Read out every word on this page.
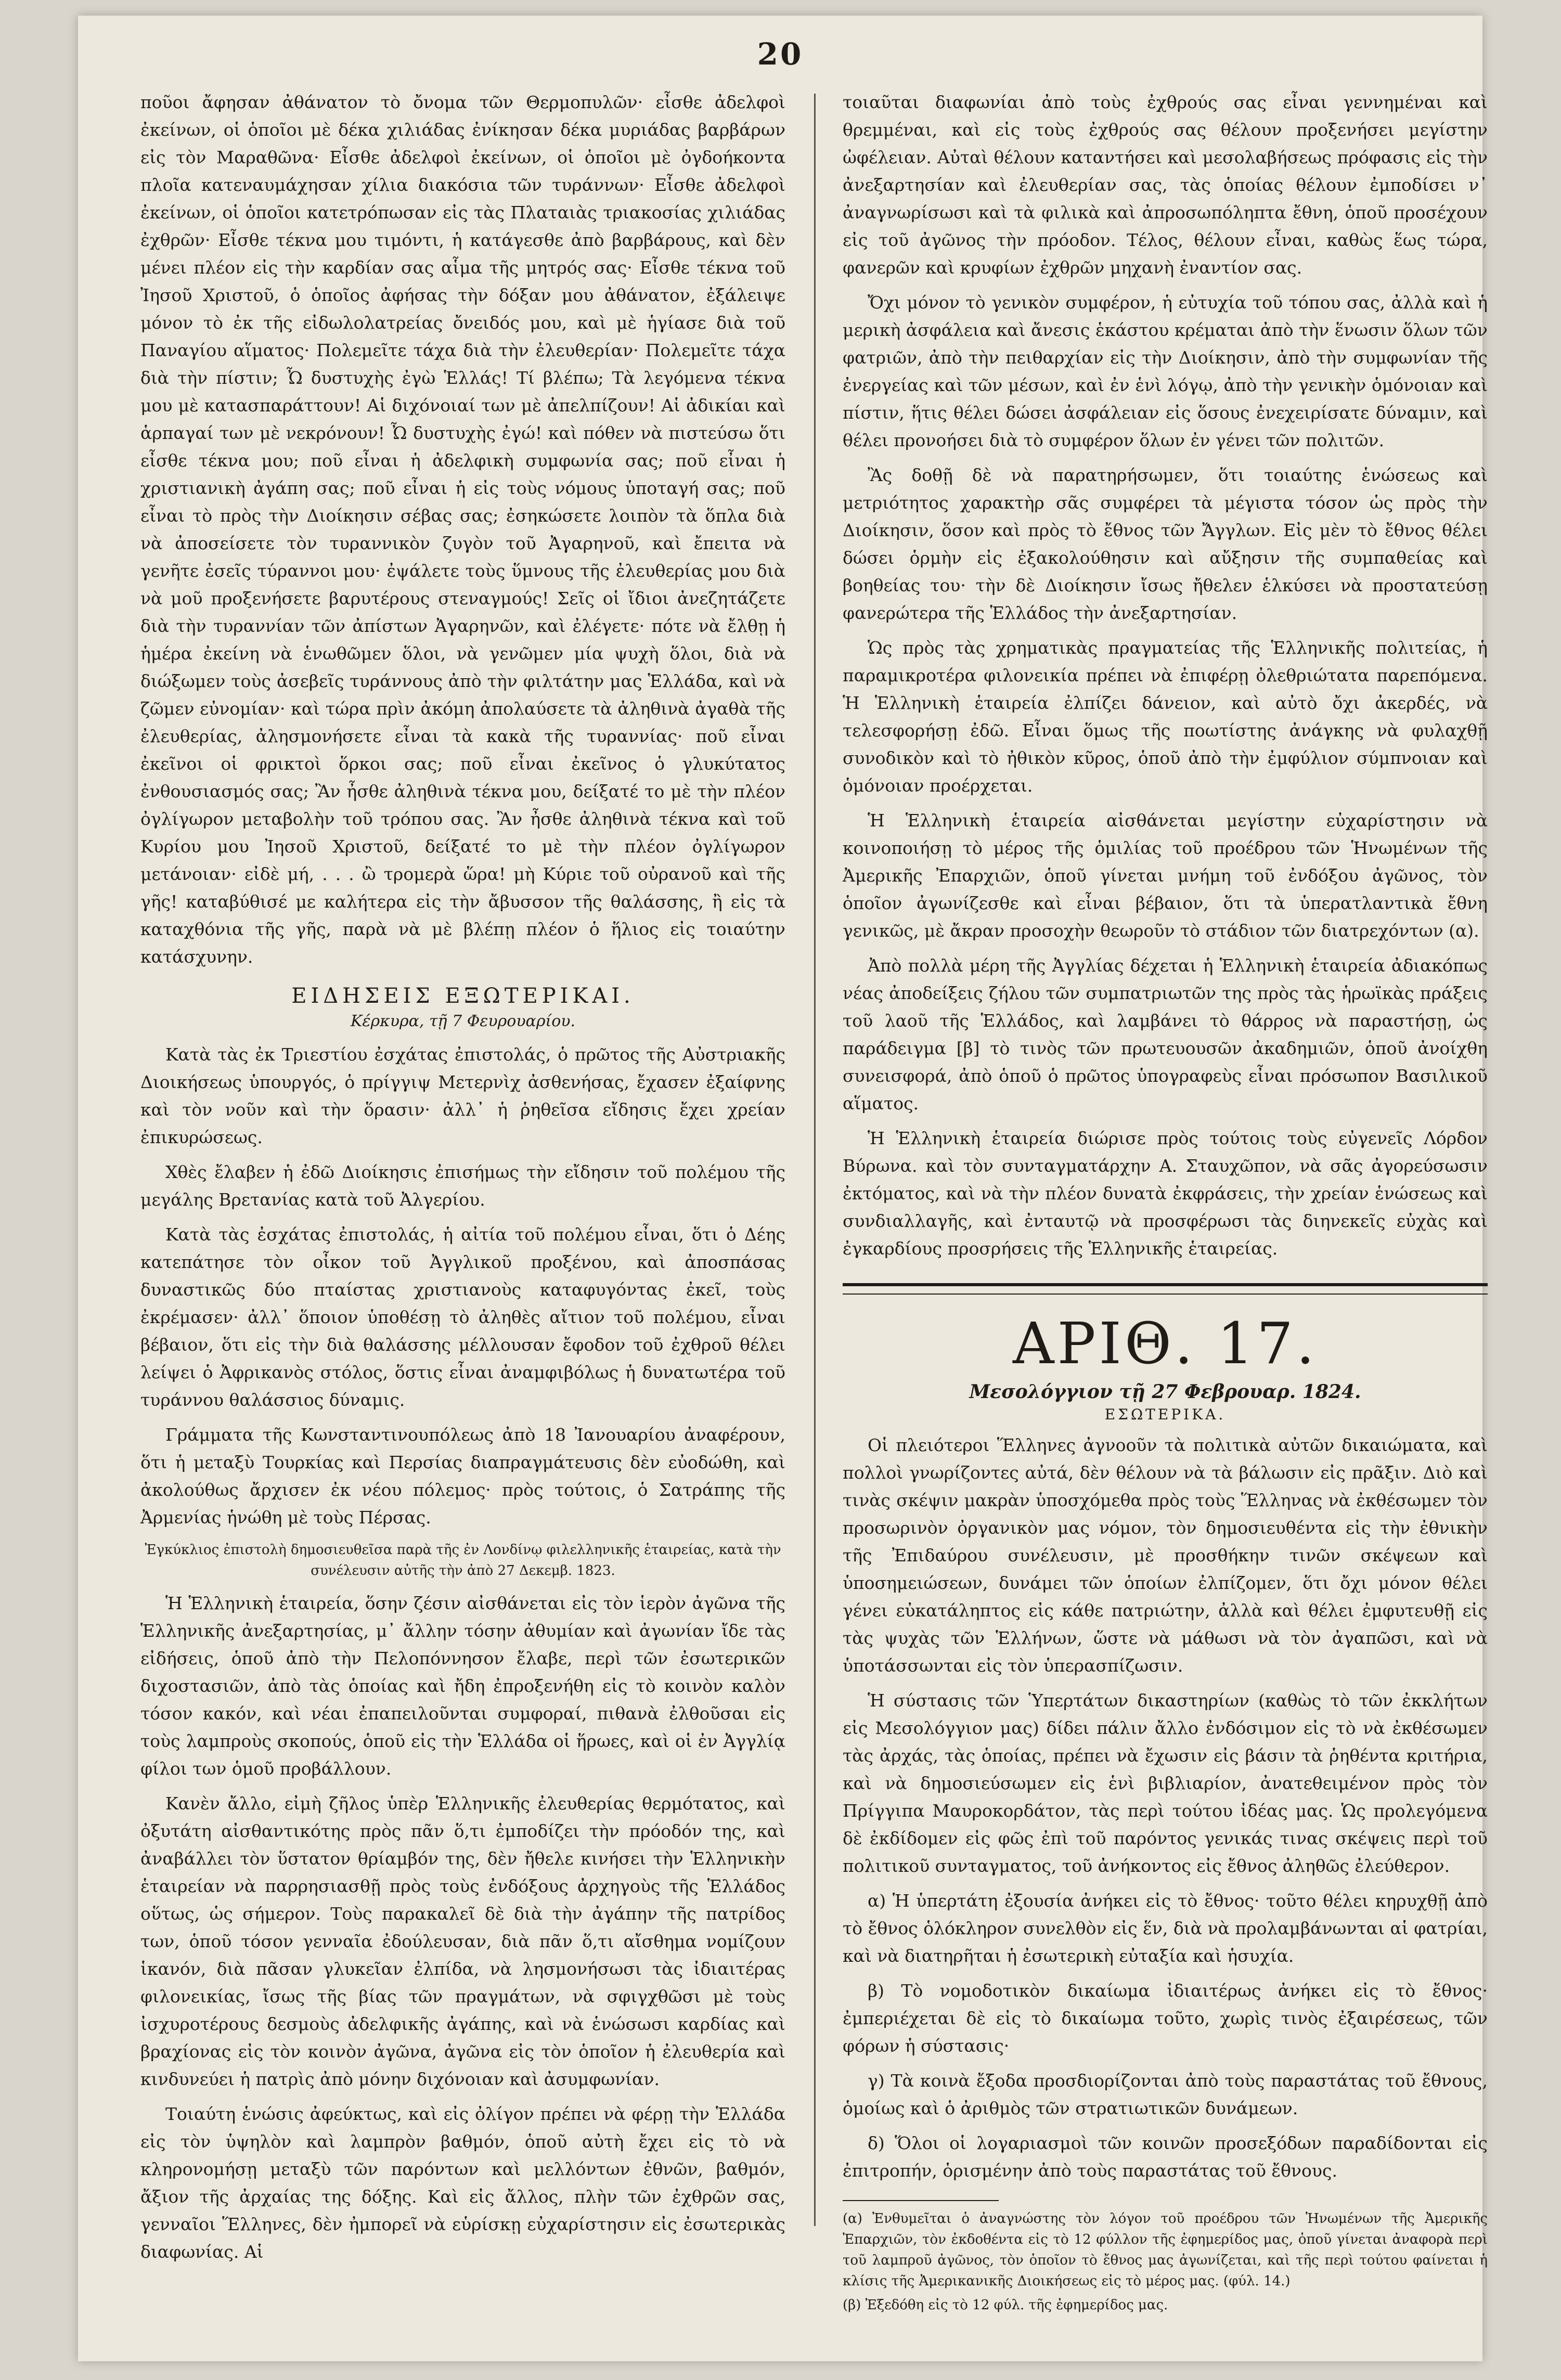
20

ποῦοι ἄφησαν ἀθάνατον τὸ ὄνομα τῶν Θερμοπυλῶν· εἶσθε ἀδελφοὶ ἐκείνων, οἱ ὁποῖοι μὲ δέκα χιλιάδας ἐνίκησαν δέκα μυριάδας βαρβάρων εἰς τὸν Μαραθῶνα· Εἶσθε ἀδελφοὶ ἐκείνων, οἱ ὁποῖοι μὲ ὀγδοήκοντα πλοῖα κατεναυμάχησαν χίλια διακόσια τῶν τυράννων· Εἶσθε ἀδελφοὶ ἐκείνων, οἱ ὁποῖοι κατετρόπωσαν εἰς τὰς Πλαταιὰς τριακοσίας χιλιάδας ἐχθρῶν· Εἶσθε τέκνα μου τιμόντι, ἡ κατάγεσθε ἀπὸ βαρβάρους, καὶ δὲν μένει πλέον εἰς τὴν καρδίαν σας αἷμα τῆς μητρός σας· Εἶσθε τέκνα τοῦ Ἰησοῦ Χριστοῦ, ὁ ὁποῖος ἀφήσας τὴν δόξαν μου ἀθάνατον, ἐξάλειψε μόνον τὸ ἐκ τῆς εἰδωλολατρείας ὄνειδός μου, καὶ μὲ ἡγίασε διὰ τοῦ Παναγίου αἵματος· Πολεμεῖτε τάχα διὰ τὴν ἐλευθερίαν· Πολεμεῖτε τάχα διὰ τὴν πίστιν; Ὦ δυστυχὴς ἐγὼ Ἑλλάς! Τί βλέπω; Τὰ λεγόμενα τέκνα μου μὲ κατασπαράττουν! Αἱ διχόνοιαί των μὲ ἀπελπίζουν! Αἱ ἀδικίαι καὶ ἁρπαγαί των μὲ νεκρόνουν! Ὦ δυστυχὴς ἐγώ! καὶ πόθεν νὰ πιστεύσω ὅτι εἶσθε τέκνα μου; ποῦ εἶναι ἡ ἀδελφικὴ συμφωνία σας; ποῦ εἶναι ἡ χριστιανικὴ ἀγάπη σας; ποῦ εἶναι ἡ εἰς τοὺς νόμους ὑποταγή σας; ποῦ εἶναι τὸ πρὸς τὴν Διοίκησιν σέβας σας; ἐσηκώσετε λοιπὸν τὰ ὅπλα διὰ νὰ ἀποσείσετε τὸν τυραννικὸν ζυγὸν τοῦ Ἀγαρηνοῦ, καὶ ἔπειτα νὰ γενῆτε ἐσεῖς τύραννοι μου· ἐψάλετε τοὺς ὕμνους τῆς ἐλευθερίας μου διὰ νὰ μοῦ προξενήσετε βαρυτέρους στεναγμούς! Σεῖς οἱ ἴδιοι ἀνεζητάζετε διὰ τὴν τυραννίαν τῶν ἀπίστων Ἀγαρηνῶν, καὶ ἐλέγετε· πότε νὰ ἔλθῃ ἡ ἡμέρα ἐκείνη νὰ ἑνωθῶμεν ὅλοι, νὰ γενῶμεν μία ψυχὴ ὅλοι, διὰ νὰ διώξωμεν τοὺς ἀσεβεῖς τυράννους ἀπὸ τὴν φιλτάτην μας Ἑλλάδα, καὶ νὰ ζῶμεν εὐνομίαν· καὶ τώρα πρὶν ἀκόμη ἀπολαύσετε τὰ ἀληθινὰ ἀγαθὰ τῆς ἐλευθερίας, ἀλησμονήσετε εἶναι τὰ κακὰ τῆς τυραννίας· ποῦ εἶναι ἐκεῖνοι οἱ φρικτοὶ ὅρκοι σας; ποῦ εἶναι ἐκεῖνος ὁ γλυκύτατος ἐνθουσιασμός σας; Ἂν ἦσθε ἀληθινὰ τέκνα μου, δείξατέ το μὲ τὴν πλέον ὀγλίγωρον μεταβολὴν τοῦ τρόπου σας. Ἂν ἦσθε ἀληθινὰ τέκνα καὶ τοῦ Κυρίου μου Ἰησοῦ Χριστοῦ, δείξατέ το μὲ τὴν πλέον ὀγλίγωρον μετάνοιαν· εἰδὲ μή, . . . ὢ τρομερὰ ὥρα! μὴ Κύριε τοῦ οὐρανοῦ καὶ τῆς γῆς! καταβύθισέ με καλήτερα εἰς τὴν ἄβυσσον τῆς θαλάσσης, ἢ εἰς τὰ καταχθόνια τῆς γῆς, παρὰ νὰ μὲ βλέπῃ πλέον ὁ ἥλιος εἰς τοιαύτην κατάσχυνην.

ΕΙΔΗΣΕΙΣ ΕΞΩΤΕΡΙΚΑΙ.
Κέρκυρα, τῇ 7 Φευρουαρίου.

Κατὰ τὰς ἐκ Τριεστίου ἐσχάτας ἐπιστολάς, ὁ πρῶτος τῆς Αὐστριακῆς Διοικήσεως ὑπουργός, ὁ πρίγγιψ Μετερνὶχ ἀσθενήσας, ἔχασεν ἐξαίφνης καὶ τὸν νοῦν καὶ τὴν ὅρασιν· ἀλλ᾽ ἡ ῥηθεῖσα εἴδησις ἔχει χρείαν ἐπικυρώσεως.

Χθὲς ἔλαβεν ἡ ἐδῶ Διοίκησις ἐπισήμως τὴν εἴδησιν τοῦ πολέμου τῆς μεγάλης Βρετανίας κατὰ τοῦ Ἀλγερίου.

Κατὰ τὰς ἐσχάτας ἐπιστολάς, ἡ αἰτία τοῦ πολέμου εἶναι, ὅτι ὁ Δέης κατεπάτησε τὸν οἶκον τοῦ Ἀγγλικοῦ προξένου, καὶ ἀποσπάσας δυναστικῶς δύο πταίστας χριστιανοὺς καταφυγόντας ἐκεῖ, τοὺς ἐκρέμασεν· ἀλλ᾽ ὅποιον ὑποθέσῃ τὸ ἀληθὲς αἴτιον τοῦ πολέμου, εἶναι βέβαιον, ὅτι εἰς τὴν διὰ θαλάσσης μέλλουσαν ἔφοδον τοῦ ἐχθροῦ θέλει λείψει ὁ Ἀφρικανὸς στόλος, ὅστις εἶναι ἀναμφιβόλως ἡ δυνατωτέρα τοῦ τυράννου θαλάσσιος δύναμις.

Γράμματα τῆς Κωνσταντινουπόλεως ἀπὸ 18 Ἰανουαρίου ἀναφέρουν, ὅτι ἡ μεταξὺ Τουρκίας καὶ Περσίας διαπραγμάτευσις δὲν εὐοδώθη, καὶ ἀκολούθως ἄρχισεν ἐκ νέου πόλεμος· πρὸς τούτοις, ὁ Σατράπης τῆς Ἀρμενίας ἡνώθη μὲ τοὺς Πέρσας.

Ἐγκύκλιος ἐπιστολὴ δημοσιευθεῖσα παρὰ τῆς ἐν Λονδίνῳ φιλελληνικῆς ἑταιρείας, κατὰ τὴν συνέλευσιν αὐτῆς τὴν ἀπὸ 27 Δεκεμβ. 1823.

Ἡ Ἑλληνικὴ ἑταιρεία, ὅσην ζέσιν αἰσθάνεται εἰς τὸν ἱερὸν ἀγῶνα τῆς Ἑλληνικῆς ἀνεξαρτησίας, μ᾽ ἄλλην τόσην ἀθυμίαν καὶ ἀγωνίαν ἴδε τὰς εἰδήσεις, ὁποῦ ἀπὸ τὴν Πελοπόννησον ἔλαβε, περὶ τῶν ἐσωτερικῶν διχοστασιῶν, ἀπὸ τὰς ὁποίας καὶ ἤδη ἐπροξενήθη εἰς τὸ κοινὸν καλὸν τόσον κακόν, καὶ νέαι ἐπαπειλοῦνται συμφοραί, πιθανὰ ἐλθοῦσαι εἰς τοὺς λαμπροὺς σκοπούς, ὁποῦ εἰς τὴν Ἑλλάδα οἱ ἥρωες, καὶ οἱ ἐν Ἀγγλίᾳ φίλοι των ὁμοῦ προβάλλουν.

Κανὲν ἄλλο, εἰμὴ ζῆλος ὑπὲρ Ἑλληνικῆς ἐλευθερίας θερμότατος, καὶ ὀξυτάτη αἰσθαντικότης πρὸς πᾶν ὅ,τι ἐμποδίζει τὴν πρόοδόν της, καὶ ἀναβάλλει τὸν ὕστατον θρίαμβόν της, δὲν ἤθελε κινήσει τὴν Ἑλληνικὴν ἑταιρείαν νὰ παρρησιασθῇ πρὸς τοὺς ἐνδόξους ἀρχηγοὺς τῆς Ἑλλάδος οὕτως, ὡς σήμερον. Τοὺς παρακαλεῖ δὲ διὰ τὴν ἀγάπην τῆς πατρίδος των, ὁποῦ τόσον γενναῖα ἐδούλευσαν, διὰ πᾶν ὅ,τι αἴσθημα νομίζουν ἱκανόν, διὰ πᾶσαν γλυκεῖαν ἐλπίδα, νὰ λησμονήσωσι τὰς ἰδιαιτέρας φιλονεικίας, ἴσως τῆς βίας τῶν πραγμάτων, νὰ σφιγχθῶσι μὲ τοὺς ἰσχυροτέρους δεσμοὺς ἀδελφικῆς ἀγάπης, καὶ νὰ ἑνώσωσι καρδίας καὶ βραχίονας εἰς τὸν κοινὸν ἀγῶνα, ἀγῶνα εἰς τὸν ὁποῖον ἡ ἐλευθερία καὶ κινδυνεύει ἡ πατρὶς ἀπὸ μόνην διχόνοιαν καὶ ἀσυμφωνίαν.

Τοιαύτη ἑνώσις ἀφεύκτως, καὶ εἰς ὀλίγον πρέπει νὰ φέρῃ τὴν Ἑλλάδα εἰς τὸν ὑψηλὸν καὶ λαμπρὸν βαθμόν, ὁποῦ αὐτὴ ἔχει εἰς τὸ νὰ κληρονομήσῃ μεταξὺ τῶν παρόντων καὶ μελλόντων ἐθνῶν, βαθμόν, ἄξιον τῆς ἀρχαίας της δόξης. Καὶ εἰς ἄλλος, πλὴν τῶν ἐχθρῶν σας, γενναῖοι Ἕλληνες, δὲν ἠμπορεῖ νὰ εὑρίσκῃ εὐχαρίστησιν εἰς ἐσωτερικὰς διαφωνίας. Αἱ

τοιαῦται διαφωνίαι ἀπὸ τοὺς ἐχθρούς σας εἶναι γεννημέναι καὶ θρεμμέναι, καὶ εἰς τοὺς ἐχθρούς σας θέλουν προξενήσει μεγίστην ὠφέλειαν. Αὐταὶ θέλουν καταντήσει καὶ μεσολαβήσεως πρόφασις εἰς τὴν ἀνεξαρτησίαν καὶ ἐλευθερίαν σας, τὰς ὁποίας θέλουν ἐμποδίσει ν᾽ ἀναγνωρίσωσι καὶ τὰ φιλικὰ καὶ ἀπροσωπόληπτα ἔθνη, ὁποῦ προσέχουν εἰς τοῦ ἀγῶνος τὴν πρόοδον. Τέλος, θέλουν εἶναι, καθὼς ἕως τώρα, φανερῶν καὶ κρυφίων ἐχθρῶν μηχανὴ ἐναντίον σας.

Ὄχι μόνον τὸ γενικὸν συμφέρον, ἡ εὐτυχία τοῦ τόπου σας, ἀλλὰ καὶ ἡ μερικὴ ἀσφάλεια καὶ ἄνεσις ἑκάστου κρέμαται ἀπὸ τὴν ἕνωσιν ὅλων τῶν φατριῶν, ἀπὸ τὴν πειθαρχίαν εἰς τὴν Διοίκησιν, ἀπὸ τὴν συμφωνίαν τῆς ἐνεργείας καὶ τῶν μέσων, καὶ ἐν ἑνὶ λόγῳ, ἀπὸ τὴν γενικὴν ὁμόνοιαν καὶ πίστιν, ἥτις θέλει δώσει ἀσφάλειαν εἰς ὅσους ἐνεχειρίσατε δύναμιν, καὶ θέλει προνοήσει διὰ τὸ συμφέρον ὅλων ἐν γένει τῶν πολιτῶν.

Ἂς δοθῇ δὲ νὰ παρατηρήσωμεν, ὅτι τοιαύτης ἑνώσεως καὶ μετριότητος χαρακτὴρ σᾶς συμφέρει τὰ μέγιστα τόσον ὡς πρὸς τὴν Διοίκησιν, ὅσον καὶ πρὸς τὸ ἔθνος τῶν Ἄγγλων. Εἰς μὲν τὸ ἔθνος θέλει δώσει ὁρμὴν εἰς ἐξακολούθησιν καὶ αὔξησιν τῆς συμπαθείας καὶ βοηθείας του· τὴν δὲ Διοίκησιν ἴσως ἤθελεν ἑλκύσει νὰ προστατεύσῃ φανερώτερα τῆς Ἑλλάδος τὴν ἀνεξαρτησίαν.

Ὡς πρὸς τὰς χρηματικὰς πραγματείας τῆς Ἑλληνικῆς πολιτείας, ἡ παραμικροτέρα φιλονεικία πρέπει νὰ ἐπιφέρῃ ὀλεθριώτατα παρεπόμενα. Ἡ Ἑλληνικὴ ἑταιρεία ἐλπίζει δάνειον, καὶ αὐτὸ ὄχι ἀκερδές, νὰ τελεσφορήσῃ ἐδῶ. Εἶναι ὅμως τῆς ποωτίστης ἀνάγκης νὰ φυλαχθῇ συνοδικὸν καὶ τὸ ἠθικὸν κῦρος, ὁποῦ ἀπὸ τὴν ἐμφύλιον σύμπνοιαν καὶ ὁμόνοιαν προέρχεται.

Ἡ Ἑλληνικὴ ἑταιρεία αἰσθάνεται μεγίστην εὐχαρίστησιν νὰ κοινοποιήσῃ τὸ μέρος τῆς ὁμιλίας τοῦ προέδρου τῶν Ἡνωμένων τῆς Ἀμερικῆς Ἐπαρχιῶν, ὁποῦ γίνεται μνήμη τοῦ ἐνδόξου ἀγῶνος, τὸν ὁποῖον ἀγωνίζεσθε καὶ εἶναι βέβαιον, ὅτι τὰ ὑπερατλαντικὰ ἔθνη γενικῶς, μὲ ἄκραν προσοχὴν θεωροῦν τὸ στάδιον τῶν διατρεχόντων (α).

Ἀπὸ πολλὰ μέρη τῆς Ἀγγλίας δέχεται ἡ Ἑλληνικὴ ἑταιρεία ἀδιακόπως νέας ἀποδείξεις ζήλου τῶν συμπατριωτῶν της πρὸς τὰς ἡρωϊκὰς πράξεις τοῦ λαοῦ τῆς Ἑλλάδος, καὶ λαμβάνει τὸ θάρρος νὰ παραστήσῃ, ὡς παράδειγμα [β] τὸ τινὸς τῶν πρωτευουσῶν ἀκαδημιῶν, ὁποῦ ἀνοίχθη συνεισφορά, ἀπὸ ὁποῦ ὁ πρῶτος ὑπογραφεὺς εἶναι πρόσωπον Βασιλικοῦ αἵματος.

Ἡ Ἑλληνικὴ ἑταιρεία διώρισε πρὸς τούτοις τοὺς εὐγενεῖς Λόρδον Βύρωνα. καὶ τὸν συνταγματάρχην Α. Σταυχῶπον, νὰ σᾶς ἀγορεύσωσιν ἐκτόματος, καὶ νὰ τὴν πλέον δυνατὰ ἐκφράσεις, τὴν χρείαν ἑνώσεως καὶ συνδιαλλαγῆς, καὶ ἐνταυτῷ νὰ προσφέρωσι τὰς διηνεκεῖς εὐχὰς καὶ ἐγκαρδίους προσρήσεις τῆς Ἑλληνικῆς ἑταιρείας.

ΑΡΙΘ. 17.
Μεσολόγγιον τῇ 27 Φεβρουαρ. 1824.
ΕΣΩΤΕΡΙΚΑ.

Οἱ πλειότεροι Ἕλληνες ἀγνοοῦν τὰ πολιτικὰ αὐτῶν δικαιώματα, καὶ πολλοὶ γνωρίζοντες αὐτά, δὲν θέλουν νὰ τὰ βάλωσιν εἰς πρᾶξιν. Διὸ καὶ τινὰς σκέψιν μακρὰν ὑποσχόμεθα πρὸς τοὺς Ἕλληνας νὰ ἐκθέσωμεν τὸν προσωρινὸν ὀργανικὸν μας νόμον, τὸν δημοσιευθέντα εἰς τὴν ἐθνικὴν τῆς Ἐπιδαύρου συνέλευσιν, μὲ προσθήκην τινῶν σκέψεων καὶ ὑποσημειώσεων, δυνάμει τῶν ὁποίων ἐλπίζομεν, ὅτι ὄχι μόνον θέλει γένει εὐκατάληπτος εἰς κάθε πατριώτην, ἀλλὰ καὶ θέλει ἐμφυτευθῇ εἰς τὰς ψυχὰς τῶν Ἑλλήνων, ὥστε νὰ μάθωσι νὰ τὸν ἀγαπῶσι, καὶ νὰ ὑποτάσσωνται εἰς τὸν ὑπερασπίζωσιν.

Ἡ σύστασις τῶν Ὑπερτάτων δικαστηρίων (καθὼς τὸ τῶν ἐκκλήτων εἰς Μεσολόγγιον μας) δίδει πάλιν ἄλλο ἐνδόσιμον εἰς τὸ νὰ ἐκθέσωμεν τὰς ἀρχάς, τὰς ὁποίας, πρέπει νὰ ἔχωσιν εἰς βάσιν τὰ ῥηθέντα κριτήρια, καὶ νὰ δημοσιεύσωμεν εἰς ἑνὶ βιβλιαρίον, ἀνατεθειμένον πρὸς τὸν Πρίγγιπα Μαυροκορδάτον, τὰς περὶ τούτου ἰδέας μας. Ὡς προλεγόμενα δὲ ἐκδίδομεν εἰς φῶς ἐπὶ τοῦ παρόντος γενικάς τινας σκέψεις περὶ τοῦ πολιτικοῦ συνταγματος, τοῦ ἀνήκοντος εἰς ἔθνος ἀληθῶς ἐλεύθερον.

α) Ἡ ὑπερτάτη ἐξουσία ἀνήκει εἰς τὸ ἔθνος· τοῦτο θέλει κηρυχθῇ ἀπὸ τὸ ἔθνος ὁλόκληρον συνελθὸν εἰς ἕν, διὰ νὰ προλαμβάνωνται αἱ φατρίαι, καὶ νὰ διατηρῆται ἡ ἐσωτερικὴ εὐταξία καὶ ἡσυχία.

β) Τὸ νομοδοτικὸν δικαίωμα ἰδιαιτέρως ἀνήκει εἰς τὸ ἔθνος· ἐμπεριέχεται δὲ εἰς τὸ δικαίωμα τοῦτο, χωρὶς τινὸς ἐξαιρέσεως, τῶν φόρων ἡ σύστασις·

γ) Τὰ κοινὰ ἔξοδα προσδιορίζονται ἀπὸ τοὺς παραστάτας τοῦ ἔθνους, ὁμοίως καὶ ὁ ἀριθμὸς τῶν στρατιωτικῶν δυνάμεων.

δ) Ὅλοι οἱ λογαριασμοὶ τῶν κοινῶν προσεξόδων παραδίδονται εἰς ἐπιτροπήν, ὁρισμένην ἀπὸ τοὺς παραστάτας τοῦ ἔθνους.

(α) Ἐνθυμεῖται ὁ ἀναγνώστης τὸν λόγον τοῦ προέδρου τῶν Ἡνωμένων τῆς Ἀμερικῆς Ἐπαρχιῶν, τὸν ἐκδοθέντα εἰς τὸ 12 φύλλον τῆς ἐφημερίδος μας, ὁποῦ γίνεται ἀναφορὰ περὶ τοῦ λαμπροῦ ἀγῶνος, τὸν ὁποῖον τὸ ἔθνος μας ἀγωνίζεται, καὶ τῆς περὶ τούτου φαίνεται ἡ κλίσις τῆς Ἀμερικανικῆς Διοικήσεως εἰς τὸ μέρος μας. (φύλ. 14.)
(β) Ἐξεδόθη εἰς τὸ 12 φύλ. τῆς ἐφημερίδος μας.
